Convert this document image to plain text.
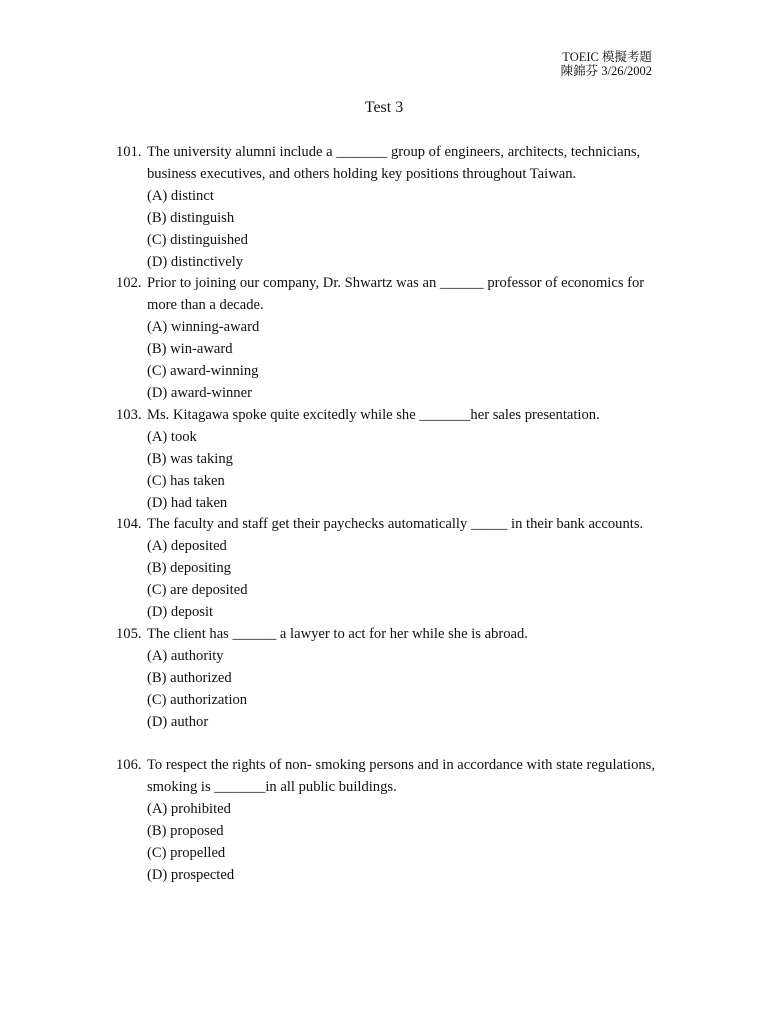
TOEIC 模擬考題
陳錦芬 3/26/2002
Test 3
101. The university alumni include a _______ group of engineers, architects, technicians, business executives, and others holding key positions throughout Taiwan.
(A) distinct
(B) distinguish
(C) distinguished
(D) distinctively
102. Prior to joining our company, Dr. Shwartz was an ______ professor of economics for more than a decade.
(A) winning-award
(B) win-award
(C) award-winning
(D) award-winner
103. Ms. Kitagawa spoke quite excitedly while she _______her sales presentation.
(A) took
(B) was taking
(C) has taken
(D) had taken
104. The faculty and staff get their paychecks automatically _____ in their bank accounts.
(A) deposited
(B) depositing
(C) are deposited
(D) deposit
105. The client has ______ a lawyer to act for her while she is abroad.
(A) authority
(B) authorized
(C) authorization
(D) author
106. To respect the rights of non- smoking persons and in accordance with state regulations, smoking is _______in all public buildings.
(A) prohibited
(B) proposed
(C) propelled
(D) prospected
